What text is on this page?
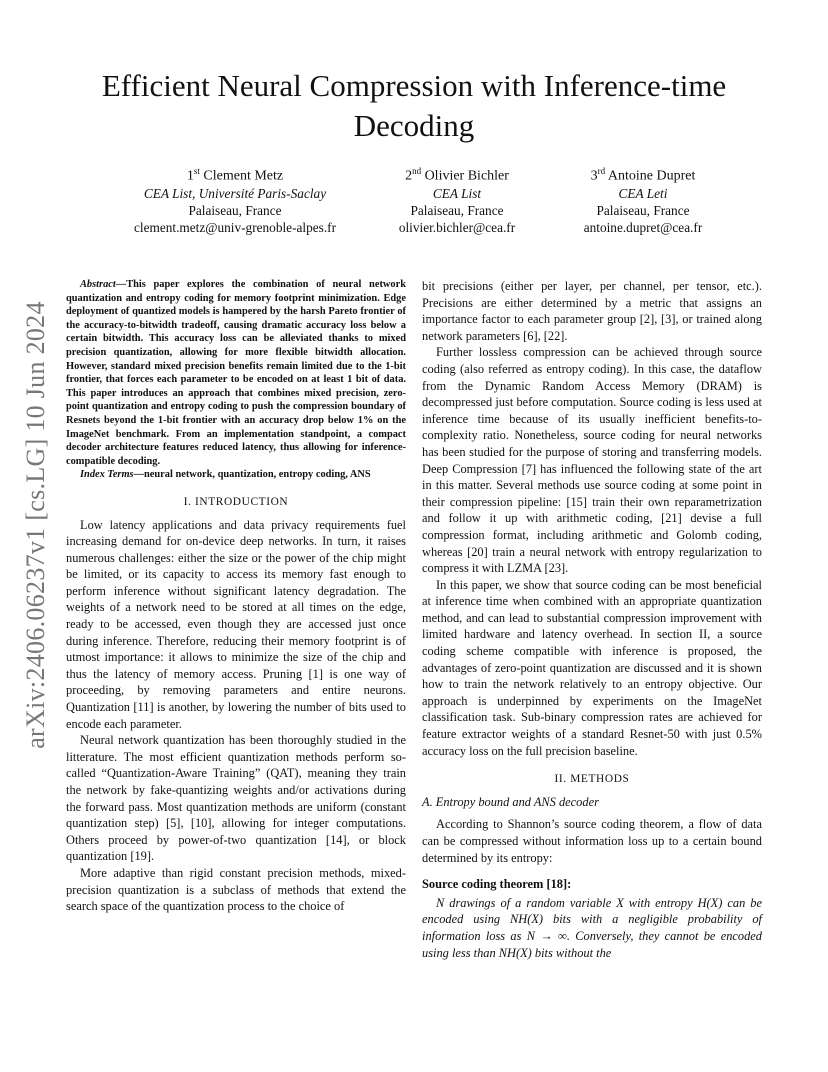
arXiv:2406.06237v1 [cs.LG] 10 Jun 2024
Efficient Neural Compression with Inference-time Decoding
1st Clement Metz
CEA List, Université Paris-Saclay
Palaiseau, France
clement.metz@univ-grenoble-alpes.fr
2nd Olivier Bichler
CEA List
Palaiseau, France
olivier.bichler@cea.fr
3rd Antoine Dupret
CEA Leti
Palaiseau, France
antoine.dupret@cea.fr

Abstract—This paper explores the combination of neural network quantization and entropy coding for memory footprint minimization. Edge deployment of quantized models is hampered by the harsh Pareto frontier of the accuracy-to-bitwidth tradeoff, causing dramatic accuracy loss below a certain bitwidth. This accuracy loss can be alleviated thanks to mixed precision quantization, allowing for more flexible bitwidth allocation. However, standard mixed precision benefits remain limited due to the 1-bit frontier, that forces each parameter to be encoded on at least 1 bit of data. This paper introduces an approach that combines mixed precision, zero-point quantization and entropy coding to push the compression boundary of Resnets beyond the 1-bit frontier with an accuracy drop below 1% on the ImageNet benchmark. From an implementation standpoint, a compact decoder architecture features reduced latency, thus allowing for inference-compatible decoding.

Index Terms—neural network, quantization, entropy coding, ANS

I. INTRODUCTION

Low latency applications and data privacy requirements fuel increasing demand for on-device deep networks. In turn, it raises numerous challenges: either the size or the power of the chip might be limited, or its capacity to access its memory fast enough to perform inference without significant latency degradation. The weights of a network need to be stored at all times on the edge, ready to be accessed, even though they are accessed just once during inference. Therefore, reducing their memory footprint is of utmost importance: it allows to minimize the size of the chip and thus the latency of memory access. Pruning [1] is one way of proceeding, by removing parameters and entire neurons. Quantization [11] is another, by lowering the number of bits used to encode each parameter.

Neural network quantization has been thoroughly studied in the litterature. The most efficient quantization methods perform so-called “Quantization-Aware Training” (QAT), meaning they train the network by fake-quantizing weights and/or activations during the forward pass. Most quantization methods are uniform (constant quantization step) [5], [10], allowing for integer computations. Others proceed by power-of-two quantization [14], or block quantization [19].

More adaptive than rigid constant precision methods, mixed-precision quantization is a subclass of methods that extend the search space of the quantization process to the choice of

bit precisions (either per layer, per channel, per tensor, etc.). Precisions are either determined by a metric that assigns an importance factor to each parameter group [2], [3], or trained along network parameters [6], [22].

Further lossless compression can be achieved through source coding (also referred as entropy coding). In this case, the dataflow from the Dynamic Random Access Memory (DRAM) is decompressed just before computation. Source coding is less used at inference time because of its usually inefficient benefits-to-complexity ratio. Nonetheless, source coding for neural networks has been studied for the purpose of storing and transferring models. Deep Compression [7] has influenced the following state of the art in this matter. Several methods use source coding at some point in their compression pipeline: [15] train their own reparametrization and follow it up with arithmetic coding, [21] devise a full compression format, including arithmetic and Golomb coding, whereas [20] train a neural network with entropy regularization to compress it with LZMA [23].

In this paper, we show that source coding can be most beneficial at inference time when combined with an appropriate quantization method, and can lead to substantial compression improvement with limited hardware and latency overhead. In section II, a source coding scheme compatible with inference is proposed, the advantages of zero-point quantization are discussed and it is shown how to train the network relatively to an entropy objective. Our approach is underpinned by experiments on the ImageNet classification task. Sub-binary compression rates are achieved for feature extractor weights of a standard Resnet-50 with just 0.5% accuracy loss on the full precision baseline.

II. METHODS
A. Entropy bound and ANS decoder

According to Shannon’s source coding theorem, a flow of data can be compressed without information loss up to a certain bound determined by its entropy:

Source coding theorem [18]:

N drawings of a random variable X with entropy H(X) can be encoded using NH(X) bits with a negligible probability of information loss as N → ∞. Conversely, they cannot be encoded using less than NH(X) bits without the
